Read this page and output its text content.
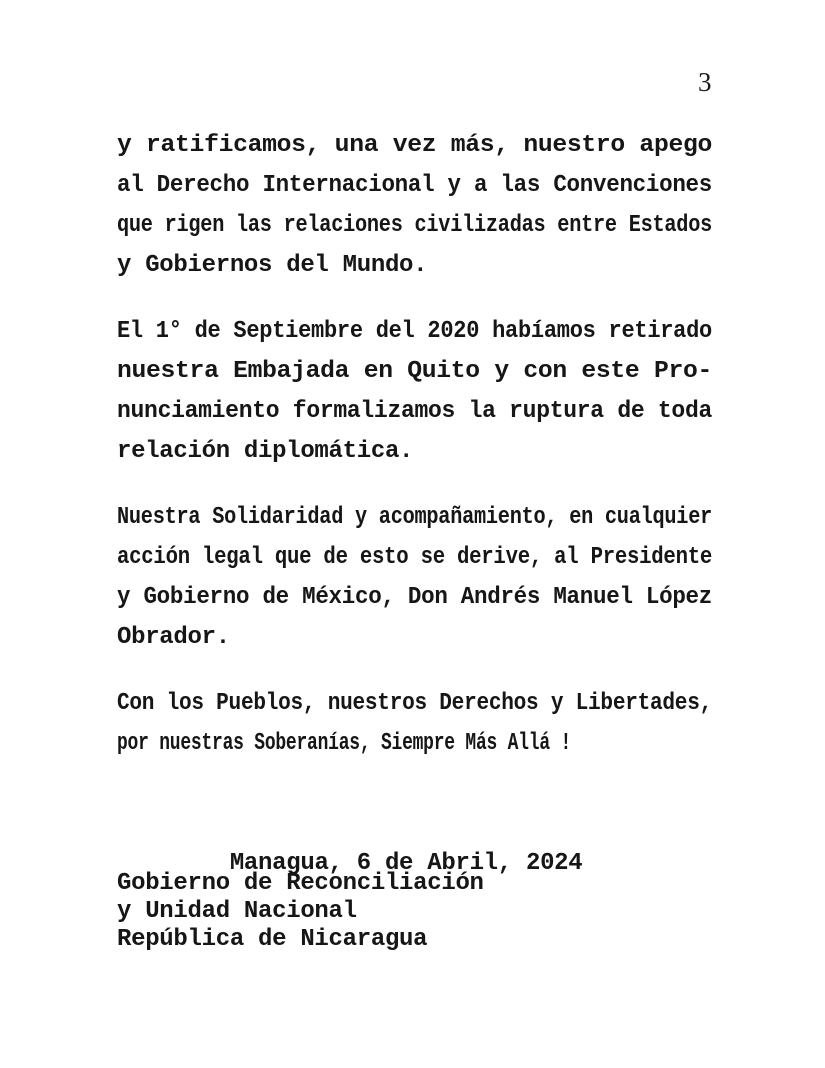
3
y ratificamos, una vez más, nuestro apego
al Derecho Internacional y a las Convenciones
que rigen las relaciones civilizadas entre Estados
y Gobiernos del Mundo.
El 1° de Septiembre del 2020 habíamos retirado
nuestra Embajada en Quito y con este Pro-
nunciamiento formalizamos la ruptura de toda
relación diplomática.
Nuestra Solidaridad y acompañamiento, en cualquier
acción legal que de esto se derive, al Presidente
y Gobierno de México, Don Andrés Manuel López
Obrador.
Con los Pueblos, nuestros Derechos y Libertades,
por nuestras Soberanías, Siempre Más Allá !

Managua, 6 de Abril, 2024

Gobierno de Reconciliación
y Unidad Nacional
República de Nicaragua
